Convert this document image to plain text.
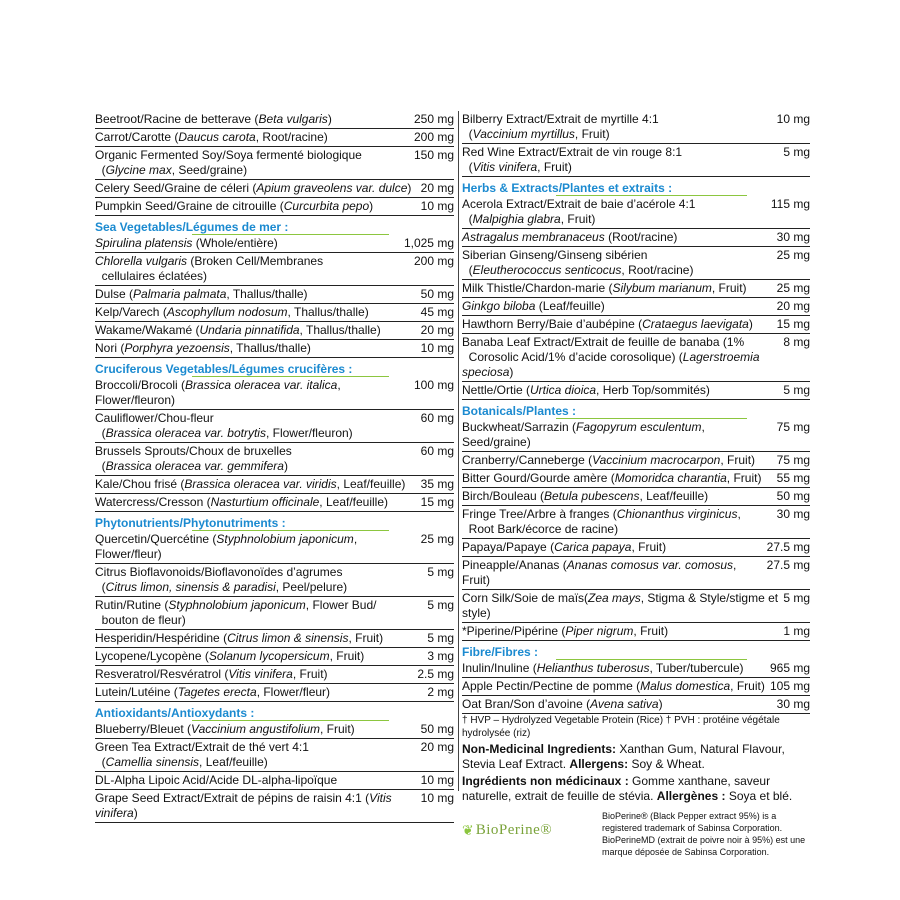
Beetroot/Racine de betterave (Beta vulgaris)	250 mg
Carrot/Carotte (Daucus carota, Root/racine)	200 mg
Organic Fermented Soy/Soya fermenté biologique
(Glycine max, Seed/graine)
150 mg
Celery Seed/Graine de céleri (Apium graveolens var. dulce) 20 mg
Pumpkin Seed/Graine de citrouille (Curcurbita pepo)	10 mg
Sea Vegetables/Légumes de mer :
Spirulina platensis (Whole/entière)	1,025 mg
Chlorella vulgaris (Broken Cell/Membranes
cellulaires éclatées)
200 mg
Dulse (Palmaria palmata, Thallus/thalle)	50 mg
Kelp/Varech (Ascophyllum nodosum, Thallus/thalle)	45 mg
Wakame/Wakamé (Undaria pinnatifida, Thallus/thalle)	20 mg
Nori (Porphyra yezoensis, Thallus/thalle)	10 mg
Cruciferous Vegetables/Légumes crucifères :
Broccoli/Brocoli (Brassica oleracea var. italica, Flower/fleuron)
100 mg
Cauliflower/Chou-fleur
(Brassica oleracea var. botrytis, Flower/fleuron)
60 mg
Brussels Sprouts/Choux de bruxelles
(Brassica oleracea var. gemmifera)
60 mg
Kale/Chou frisé (Brassica oleracea var. viridis, Leaf/feuille)	35 mg
Watercress/Cresson (Nasturtium officinale, Leaf/feuille)	15 mg
Phytonutrients/Phytonutriments :
Quercetin/Quercétine (Styphnolobium japonicum, Flower/fleur)
25 mg
Citrus Bioflavonoids/Bioflavonoïdes d’agrumes
(Citrus limon, sinensis & paradisi, Peel/pelure)
5 mg
Rutin/Rutine (Styphnolobium japonicum, Flower Bud/
bouton de fleur)
5 mg
Hesperidin/Hespéridine (Citrus limon & sinensis, Fruit)	5 mg
Lycopene/Lycopène (Solanum lycopersicum, Fruit)	3 mg
Resveratrol/Resvératrol (Vitis vinifera, Fruit)	2.5 mg
Lutein/Lutéine (Tagetes erecta, Flower/fleur)	2 mg
Antioxidants/Antioxydants :
Blueberry/Bleuet (Vaccinium angustifolium, Fruit)	50 mg
Green Tea Extract/Extrait de thé vert 4:1
(Camellia sinensis, Leaf/feuille)
20 mg
DL-Alpha Lipoic Acid/Acide DL-alpha-lipoïque	10 mg
Grape Seed Extract/Extrait de pépins de raisin 4:1 (Vitis vinifera)
10 mg
Bilberry Extract/Extrait de myrtille 4:1
(Vaccinium myrtillus, Fruit)
10 mg
Red Wine Extract/Extrait de vin rouge 8:1
(Vitis vinifera, Fruit)
5 mg
Herbs & Extracts/Plantes et extraits :
Acerola Extract/Extrait de baie d’acérole 4:1
(Malpighia glabra, Fruit)
115 mg
Astragalus membranaceus (Root/racine)	30 mg
Siberian Ginseng/Ginseng sibérien
(Eleutherococcus senticocus, Root/racine)
25 mg
Milk Thistle/Chardon-marie (Silybum marianum, Fruit)	25 mg
Ginkgo biloba (Leaf/feuille)	20 mg
Hawthorn Berry/Baie d’aubépine (Crataegus laevigata)	15 mg
Banaba Leaf Extract/Extrait de feuille de banaba (1%
Corosolic Acid/1% d’acide corosolique) (Lagerstroemia speciosa)
8 mg
Nettle/Ortie (Urtica dioica, Herb Top/sommités)	5 mg
Botanicals/Plantes :
Buckwheat/Sarrazin (Fagopyrum esculentum, Seed/graine)
75 mg
Cranberry/Canneberge (Vaccinium macrocarpon, Fruit)	75 mg
Bitter Gourd/Gourde amère (Momoridca charantia, Fruit)	55 mg
Birch/Bouleau (Betula pubescens, Leaf/feuille)	50 mg
Fringe Tree/Arbre à franges (Chionanthus virginicus,
Root Bark/écorce de racine)
30 mg
Papaya/Papaye (Carica papaya, Fruit)	27.5 mg
Pineapple/Ananas (Ananas comosus var. comosus, Fruit)
27.5 mg
Corn Silk/Soie de maïs(Zea mays, Stigma & Style/stigme et style)
5 mg
*Piperine/Pipérine (Piper nigrum, Fruit)	1 mg
Fibre/Fibres :
Inulin/Inuline (Helianthus tuberosus, Tuber/tubercule)	965 mg
Apple Pectin/Pectine de pomme (Malus domestica, Fruit) 105 mg
Oat Bran/Son d’avoine (Avena sativa)	30 mg
† HVP – Hydrolyzed Vegetable Protein (Rice) † PVH : protéine végétale hydrolysée (riz)
Non-Medicinal Ingredients: Xanthan Gum, Natural Flavour, Stevia Leaf Extract. Allergens: Soy & Wheat.
Ingrédients non médicinaux : Gomme xanthane, saveur naturelle, extrait de feuille de stévia. Allergènes : Soya et blé.
❦ BioPerine®
BioPerine® (Black Pepper extract 95%) is a registered trademark of Sabinsa Corporation. BioPerineMD (extrait de poivre noir à 95%) est une marque déposée de Sabinsa Corporation.
